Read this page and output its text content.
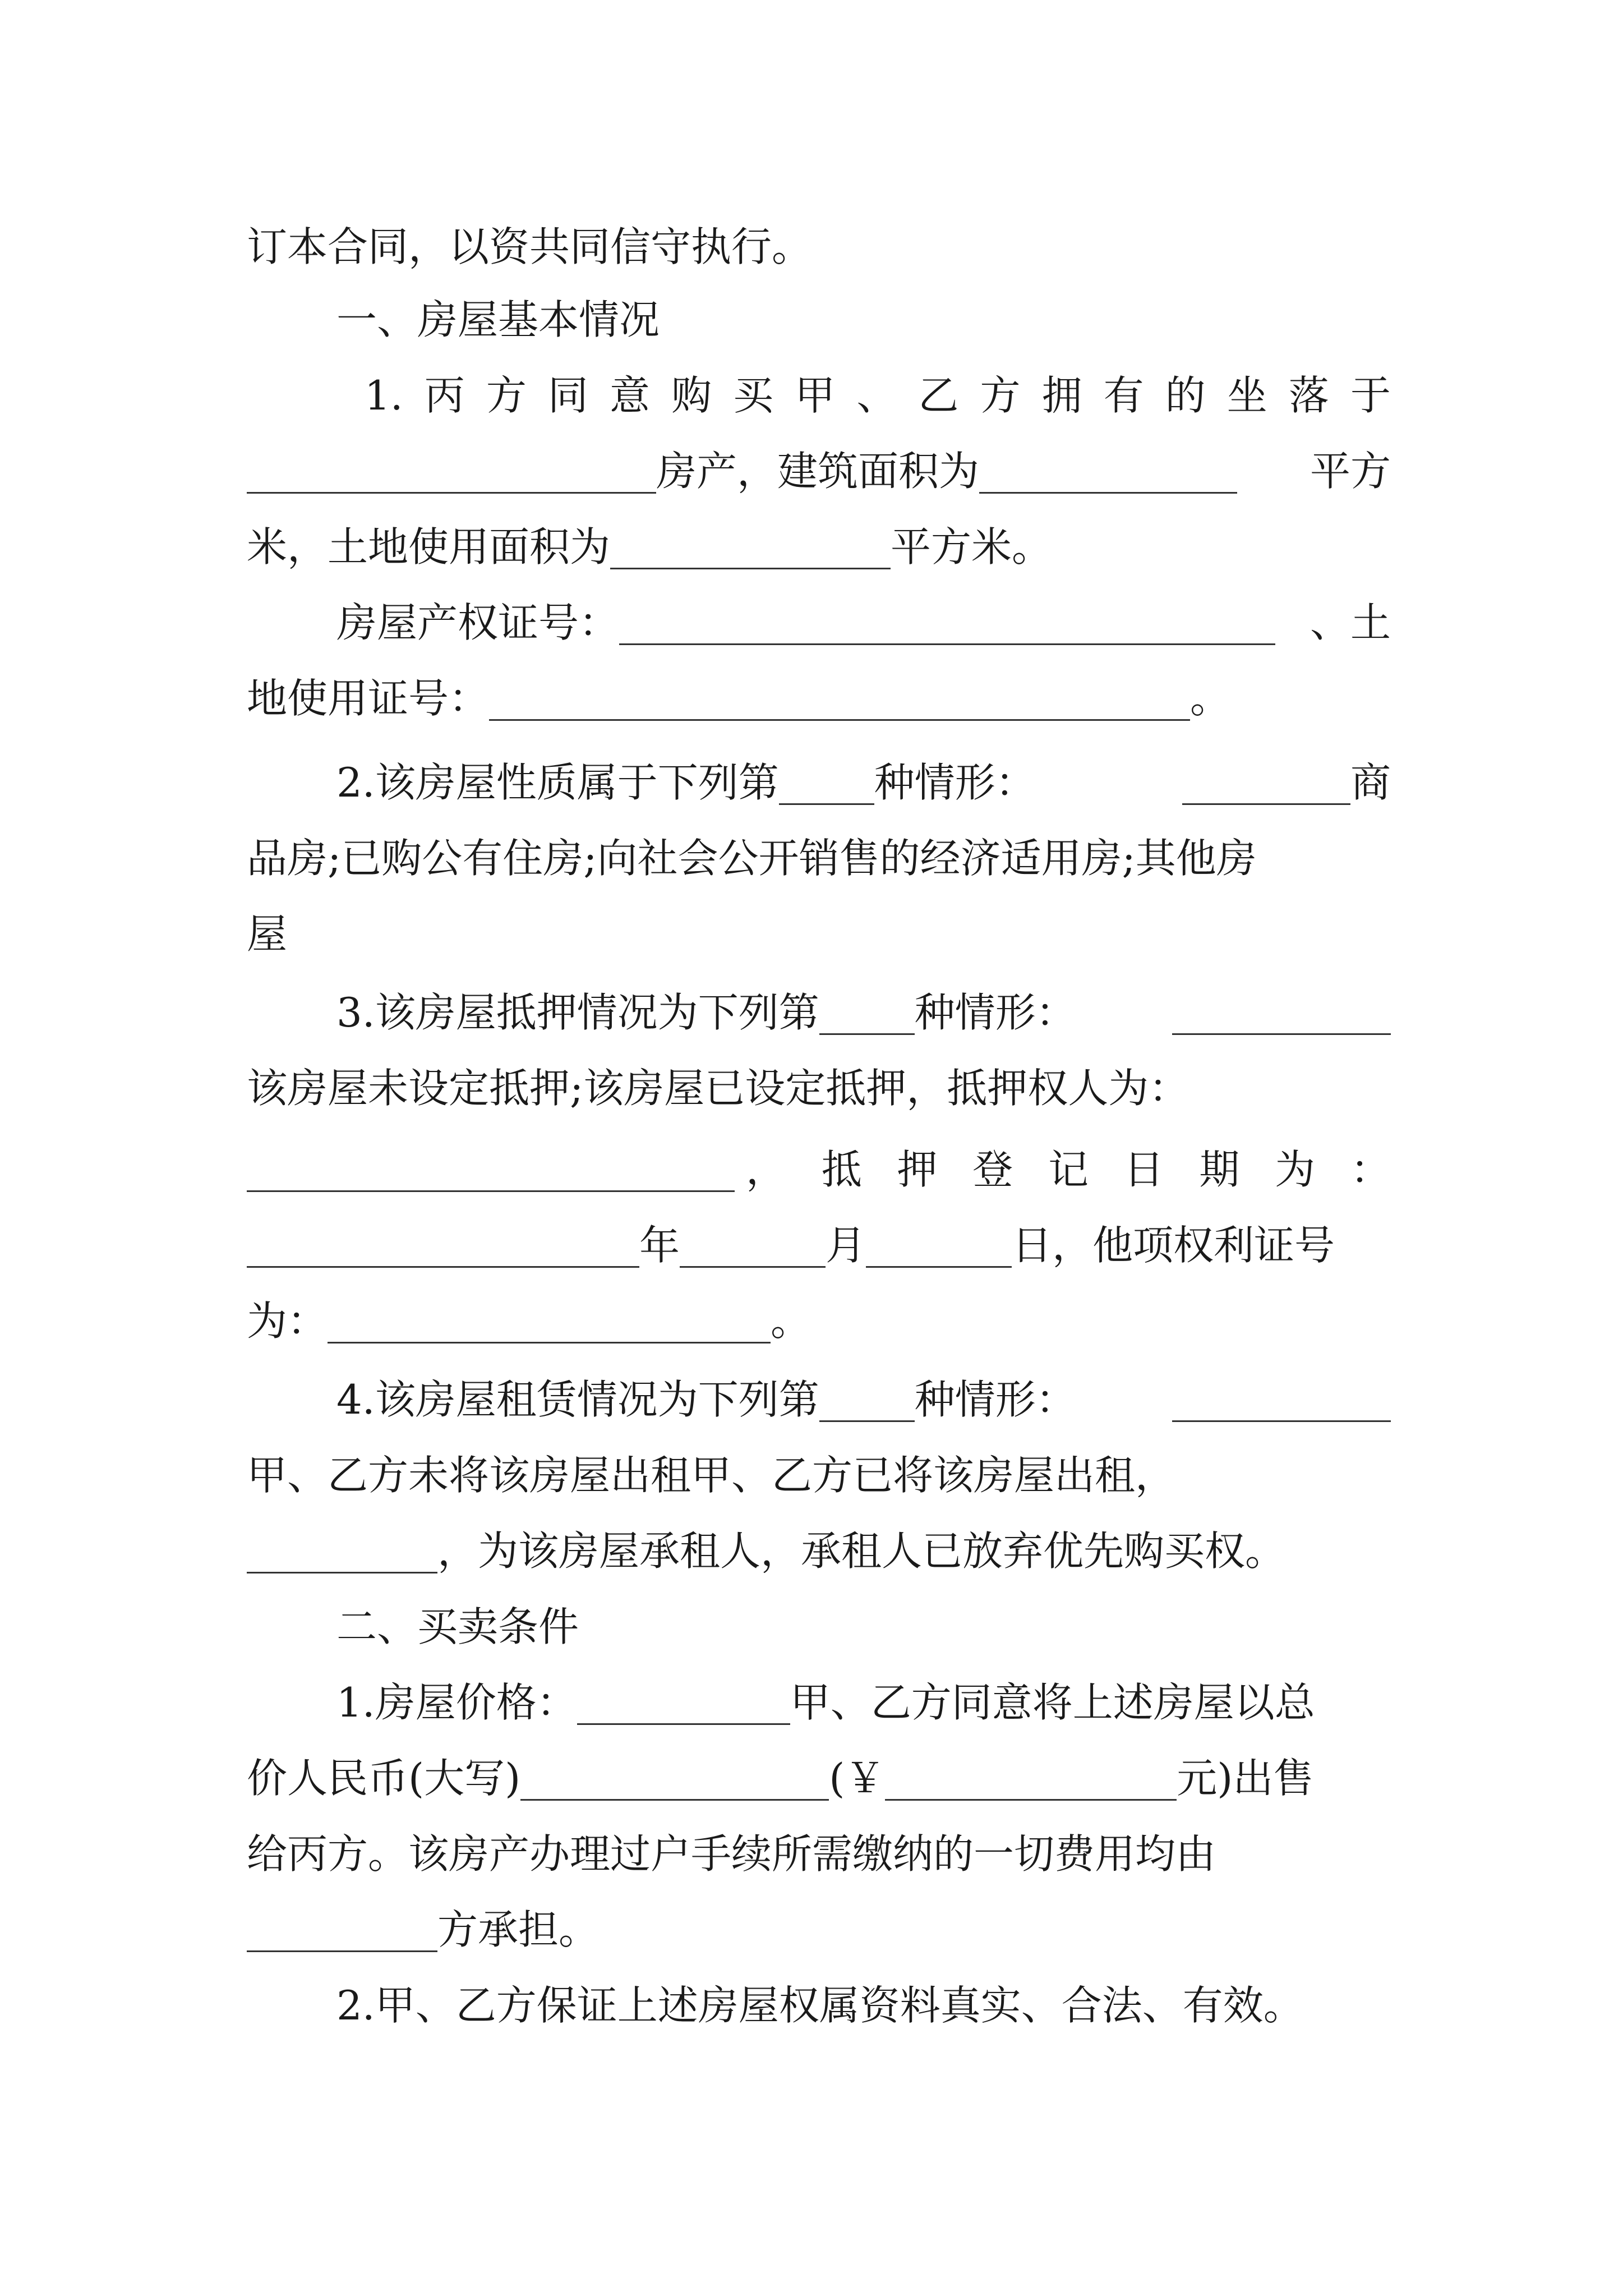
订本合同，以资共同信守执行。
一、房屋基本情况
1. 丙 方 同 意 购 买 甲 、 乙 方 拥 有 的 坐 落 于
房产，建筑面积为	平方
米，土地使用面积为	平方米。
房屋产权证号：	、土
地使用证号：	。
2.该房屋性质属于下列第 种情形：	商
品房;已购公有住房;向社会公开销售的经济适用房;其他房
屋
3.该房屋抵押情况为下列第 种情形：
该房屋未设定抵押;该房屋已设定抵押，抵押权人为：
， 抵 押 登 记 日 期 为 ：
年	月	日，他项权利证号
为：	。
4.该房屋租赁情况为下列第 种情形：
甲、乙方未将该房屋出租甲、乙方已将该房屋出租，
，为该房屋承租人，承租人已放弃优先购买权。
二、买卖条件
1.房屋价格：	甲、乙方同意将上述房屋以总
价人民币(大写)	(￥	元)出售
给丙方。该房产办理过户手续所需缴纳的一切费用均由
方承担。
2.甲、乙方保证上述房屋权属资料真实、合法、有效。
